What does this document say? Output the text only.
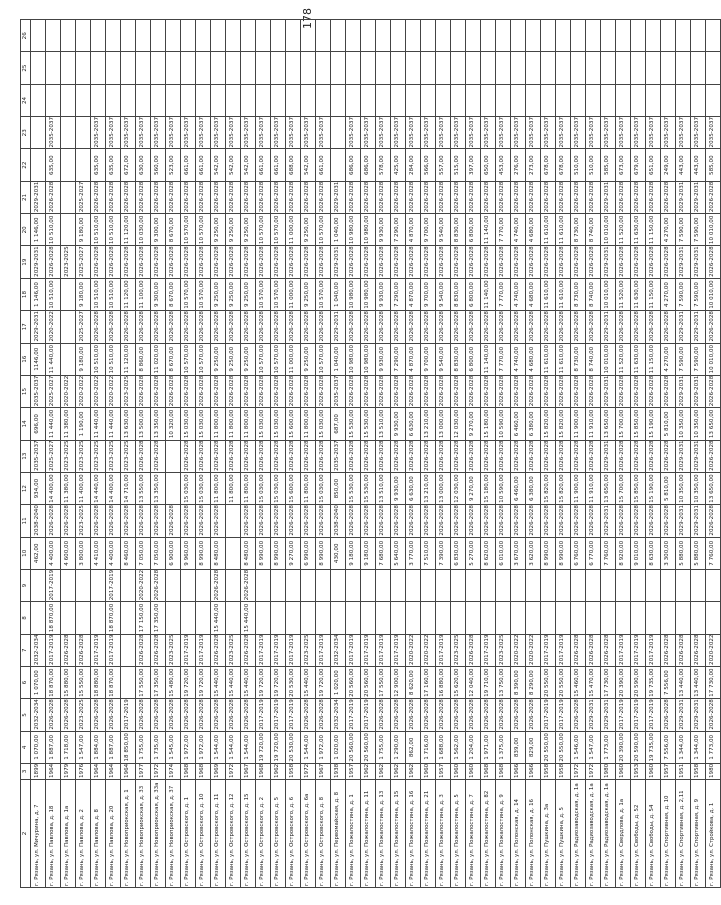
178
2	3	4	5	6	7	8	9	10	11	12	13	14	15	16	17	18	19	20	21	22	23	24	25	26
г. Рязань, ул. Мичурина, д. 7	1899	1 070,00	2032-2034	1 070,00	2032-2034			462,00	2038-2040	934,00	2035-2037	696,00	2035-2037	1146,00	2029-2031	1 146,00	2029-2031	1 146,00	2029-2031					
г. Рязань, ул. Павлова, д. 18	1964	1 887,00	2026-2028	18 870,00	2017-2019	18 870,00	2017-2019	4 400,00	2026-2028	14 400,00	2025-2027	11 440,00	2025-2027	11 440,00	2020-2022	10 510,00	2026-2028	10 510,00	2026-2028	635,00	2035-2037			
г. Рязань, ул. Павлова, д. 1а	1979	1 718,00	2026-2028	15 880,00	2026-2028			4 600,00	2026-2028	11 380,00	2023-2025	11 380,00	2020-2022				2023-2025							
г. Рязань, ул. Павлова, д. 2	1976	1 547,00	2023-2025	15 550,00	2026-2028			3 800,00	2023-2025	11 400,00	2023-2025	1 190,00	2020-2022	9 180,00	2025-2027	9 180,00	2025-2027	9 180,00	2025-2027					
г. Рязань, ул. Павлова, д. 8	1964	1 884,00	2026-2028	18 880,00	2017-2019			4 410,00	2026-2028	14 440,00	2023-2025	11 440,00	2020-2022	10 510,00	2026-2028	10 510,00	2026-2028	10 510,00	2026-2028	635,00	2035-2037			
г. Рязань, ул. Павлова, д. 20	1964	1 887,00	2026-2028	18 870,00	2017-2019	18 870,00	2017-2019	4 400,00	2026-2028	14 400,00	2023-2025	11 440,00	2020-2022	10 510,00	2026-2028	10 510,00	2026-2028	10 510,00	2026-2028	635,00	2035-2037			
г. Рязань, ул. Новоприокская, д. 1	1964	18 850,00	2017-2019					8 460,00	2026-2028	14 710,00	2023-2025	13 630,00	2023-2025	11 120,00	2026-2028	11 120,00	2026-2028	11 120,00	2026-2028	672,00	2035-2037			
г. Рязань, ул. Новоприокская, д. 33	1977	1 755,00	2026-2028	17 550,00	2026-2028	17 150,00	2020-2022	7 050,00	2026-2028	13 550,00	2026-2028	13 500,00	2026-2028	8 860,00	2026-2028	11 100,00	2026-2028	10 030,00	2026-2028	630,00	2035-2037			
г. Рязань, ул. Новоприокская, д. 33а	1972	1 735,00	2026-2028	17 350,00	2026-2028	17 350,00	2026-2028	7 050,00	2026-2028	13 350,00	2026-2028	13 350,00	2026-2028	11 020,00	2026-2028	9 300,00	2026-2028	9 300,00	2026-2028	560,00	2035-2037			
г. Рязань, ул. Новоприокская, д. 37	1974	1 545,00	2026-2028	15 480,00	2023-2025			6 900,00	2026-2028			10 320,00	2026-2028	8 670,00	2026-2028	8 670,00	2026-2028	8 670,00	2026-2028	523,00	2035-2037			
г. Рязань, ул. Островского, д. 1	1968	1 972,00	2026-2028	19 720,00	2017-2019			9 960,00	2026-2028	15 030,00	2026-2028	15 030,00	2026-2028	10 570,00	2026-2028	10 570,00	2026-2028	10 570,00	2026-2028	661,00	2035-2037			
г. Рязань, ул. Островского, д. 10	1968	1 972,00	2026-2028	19 720,00	2017-2019			8 990,00	2026-2028	15 030,00	2026-2028	15 030,00	2026-2028	10 570,00	2026-2028	10 570,00	2026-2028	10 570,00	2026-2028	661,00	2035-2037			
г. Рязань, ул. Островского, д. 11	1969	1 544,00	2026-2028	15 440,00	2026-2028	15 440,00	2026-2028	8 480,00	2026-2028	11 800,00	2026-2028	11 800,00	2026-2028	9 250,00	2026-2028	9 250,00	2026-2028	9 250,00	2026-2028	542,00	2035-2037			
г. Рязань, ул. Островского, д. 12	1972	1 544,00	2026-2028	15 440,00	2023-2025					11 800,00	2026-2028	11 800,00	2026-2028	9 250,00	2026-2028	9 250,00	2026-2028	9 250,00	2026-2028	542,00	2035-2037			
г. Рязань, ул. Островского, д. 15	1967	1 544,00	2026-2028	15 440,00	2026-2028	15 440,00	2026-2028	8 480,00	2026-2028	11 800,00	2026-2028	11 800,00	2026-2028	9 250,00	2026-2028	9 250,00	2026-2028	9 250,00	2026-2028	542,00	2035-2037			
г. Рязань, ул. Островского, д. 2	1968	19 720,00	2017-2019	19 720,00	2017-2019			8 990,00	2026-2028	15 030,00	2026-2028	15 030,00	2026-2028	10 570,00	2026-2028	10 570,00	2026-2028	10 570,00	2026-2028	661,00	2035-2037			
г. Рязань, ул. Островского, д. 5	1962	19 720,00	2017-2019	19 720,00	2017-2019			8 990,00	2026-2028	15 030,00	2026-2028	15 030,00	2026-2028	10 570,00	2026-2028	10 570,00	2026-2028	10 570,00	2026-2028	661,00	2035-2037			
г. Рязань, ул. Островского, д. 6	1958	20 530,00	2017-2019	20 530,00	2017-2019			9 270,00	2026-2028	15 600,00	2026-2028	15 600,00	2026-2028	11 000,00	2026-2028	11 000,00	2026-2028	11 000,00	2026-2028	688,00	2035-2037			
г. Рязань, ул. Островского, д. 6а	1972	1 544,00	2026-2028	15 440,00	2023-2025			6 990,00	2026-2028	11 800,00	2026-2028	11 800,00	2026-2028	9 250,00	2026-2028	9 250,00	2026-2028	9 250,00	2026-2028	542,00	2035-2037			
г. Рязань, ул. Островского, д. 8	1967	1 972,00	2026-2028	19 720,00	2017-2019			8 990,00	2026-2028	15 030,00	2026-2028	15 030,00	2026-2028	10 570,00	2026-2028	10 570,00	2026-2028	10 570,00	2026-2028	661,00	2035-2037			
г. Рязань, ул. Первомайская, д. 8	1938	1 020,00	2032-2034	1 020,00	2032-2034			430,00	2038-2040	850,00	2035-2037	687,00	2035-2037	1 040,00	2029-2031	1 040,00	2029-2031	1 040,00	2029-2031					
г. Рязань, ул. Пожалостина, д. 1	1957	20 560,00	2017-2019	20 560,00	2017-2019			9 180,00	2026-2028	15 530,00	2026-2028	15 530,00	2026-2028	10 980,00	2026-2028	10 980,00	2026-2028	10 980,00	2026-2028	686,00	2035-2037			
г. Рязань, ул. Пожалостина, д. 11	1962	20 560,00	2017-2019	20 560,00	2017-2019			9 180,00	2026-2028	15 530,00	2026-2028	15 530,00	2026-2028	10 980,00	2026-2028	10 980,00	2026-2028	10 980,00	2026-2028	686,00	2035-2037			
г. Рязань, ул. Пожалостина, д. 13	1962	1 755,00	2026-2028	17 550,00	2017-2019			7 680,00	2026-2028	13 510,00	2026-2028	13 510,00	2026-2028	9 930,00	2026-2028	9 930,00	2026-2028	9 930,00	2026-2028	578,00	2035-2037			
г. Рязань, ул. Пожалостина, д. 15	1962	1 290,00	2026-2028	12 900,00	2017-2019			5 640,00	2026-2028	9 930,00	2026-2028	9 930,00	2026-2028	7 290,00	2026-2028	7 290,00	2026-2028	7 290,00	2026-2028	425,00	2035-2037			
г. Рязань, ул. Пожалостина, д. 16	1962	862,00	2026-2028	8 620,00	2020-2022			3 770,00	2026-2028	6 630,00	2026-2028	6 630,00	2026-2028	4 870,00	2026-2028	4 870,00	2026-2028	4 870,00	2026-2028	284,00	2035-2037			
г. Рязань, ул. Пожалостина, д. 21	1960	1 716,00	2026-2028	17 160,00	2020-2022			7 510,00	2026-2028	13 210,00	2026-2028	13 210,00	2026-2028	9 700,00	2026-2028	9 700,00	2026-2028	9 700,00	2026-2028	566,00	2035-2037			
г. Рязань, ул. Пожалостина, д. 3	1957	1 688,00	2026-2028	16 880,00	2017-2019			7 390,00	2026-2028	13 000,00	2026-2028	13 000,00	2026-2028	9 540,00	2026-2028	9 540,00	2026-2028	9 540,00	2026-2028	557,00	2035-2037			
г. Рязань, ул. Пожалостина, д. 5	1960	1 562,00	2026-2028	15 620,00	2023-2025			6 830,00	2026-2028	12 030,00	2026-2028	12 030,00	2026-2028	8 830,00	2026-2028	8 830,00	2026-2028	8 830,00	2026-2028	515,00	2035-2037			
г. Рязань, ул. Пожалостина, д. 7	1960	1 204,00	2026-2028	12 040,00	2026-2028			5 270,00	2026-2028	9 270,00	2026-2028	9 270,00	2026-2028	6 800,00	2026-2028	6 800,00	2026-2028	6 800,00	2026-2028	397,00	2035-2037			
г. Рязань, ул. Пожалостина, д. 82	1968	1 971,00	2026-2028	19 710,00	2017-2019			8 620,00	2026-2028	15 180,00	2026-2028	15 180,00	2026-2028	11 140,00	2026-2028	11 140,00	2026-2028	11 140,00	2026-2028	650,00	2035-2037			
г. Рязань, ул. Пожалостина, д. 9	1968	1 375,00	2026-2028	13 750,00	2023-2025			6 010,00	2026-2028	10 590,00	2026-2028	10 590,00	2026-2028	7 770,00	2026-2028	7 770,00	2026-2028	7 770,00	2026-2028	453,00	2035-2037			
г. Рязань, ул. Полонская, д. 14	1966	839,00	2026-2028	8 390,00	2020-2022			3 670,00	2026-2028	6 460,00	2026-2028	6 460,00	2026-2028	4 740,00	2026-2028	4 740,00	2026-2028	4 740,00	2026-2028	276,00	2035-2037			
г. Рязань, ул. Полонская, д. 16	1966	829,00	2026-2028	8 290,00	2020-2022			3 620,00	2026-2028	6 380,00	2026-2028	6 380,00	2026-2028	4 680,00	2026-2028	4 680,00	2026-2028	4 680,00	2026-2028	273,00	2035-2037			
г. Рязань, ул. Пушкина, д. 3а	1958	20 550,00	2017-2019	20 550,00	2017-2019			8 990,00	2026-2028	15 820,00	2026-2028	15 820,00	2026-2028	11 610,00	2026-2028	11 610,00	2026-2028	11 610,00	2026-2028	678,00	2035-2037			
г. Рязань, ул. Пушкина, д. 5	1958	20 550,00	2017-2019	20 550,00	2017-2019			8 990,00	2026-2028	15 820,00	2026-2028	15 820,00	2026-2028	11 610,00	2026-2028	11 610,00	2026-2028	11 610,00	2026-2028	678,00	2035-2037			
г. Рязань, ул. Радиозаводская, д. 1а	1972	1 546,00	2026-2028	15 460,00	2026-2028			6 760,00	2026-2028	11 900,00	2026-2028	11 900,00	2026-2028	8 730,00	2026-2028	8 730,00	2026-2028	8 730,00	2026-2028	510,00	2035-2037			
г. Рязань, ул. Радиозаводская, д. 1а	1972	1 547,00	2029-2031	15 470,00	2026-2028			6 770,00	2026-2028	11 910,00	2026-2028	11 910,00	2026-2028	8 740,00	2026-2028	8 740,00	2026-2028	8 740,00	2026-2028	510,00	2035-2037			
г. Рязань, ул. Радиозаводская, д. 1а	1980	1 773,00	2029-2031	17 730,00	2026-2028			7 760,00	2029-2031	13 650,00	2029-2031	13 650,00	2029-2031	10 010,00	2029-2031	10 010,00	2029-2031	10 010,00	2029-2031	585,00	2035-2037			
г. Рязань, ул. Свердлова, д. 1а	1960	20 390,00	2017-2019	20 390,00	2017-2019			8 920,00	2026-2028	15 700,00	2026-2028	15 700,00	2026-2028	11 520,00	2026-2028	11 520,00	2026-2028	11 520,00	2026-2028	673,00	2035-2037			
г. Рязань, ул. Свободы, д. 52	1953	20 590,00	2017-2019	20 590,00	2017-2019			9 010,00	2026-2028	15 850,00	2026-2028	15 850,00	2026-2028	11 630,00	2026-2028	11 630,00	2026-2028	11 630,00	2026-2028	679,00	2035-2037			
г. Рязань, ул. Свободы, д. 54	1960	19 735,00	2017-2019	19 735,00	2017-2019			8 630,00	2026-2028	15 190,00	2026-2028	15 190,00	2026-2028	11 150,00	2026-2028	11 150,00	2026-2028	11 150,00	2026-2028	651,00	2035-2037			
г. Рязань, ул. Спортивная, д. 10	1957	7 556,00	2026-2028	7 556,00	2026-2028			3 300,00	2026-2028	5 810,00	2026-2028	5 810,00	2026-2028	4 270,00	2026-2028	4 270,00	2026-2028	4 270,00	2026-2028	249,00	2035-2037			
г. Рязань, ул. Спортивная, д. 2,11	1951	1 344,00	2029-2031	13 440,00	2026-2028			5 880,00	2029-2031	10 350,00	2029-2031	10 350,00	2029-2031	7 590,00	2029-2031	7 590,00	2029-2031	7 590,00	2029-2031	443,00	2035-2037			
г. Рязань, ул. Спортивная, д. 9	1958	1 344,00	2029-2031	13 440,00	2026-2028			5 880,00	2029-2031	10 350,00	2029-2031	10 350,00	2029-2031	7 590,00	2029-2031	7 590,00	2029-2031	7 590,00	2029-2031	443,00	2035-2037			
г. Рязань, ул. Стройкова, д. 1	1980	1 773,00	2026-2028	17 730,00	2020-2022			7 760,00	2026-2028	13 650,00	2026-2028	13 650,00	2026-2028	10 010,00	2026-2028	10 010,00	2026-2028	10 010,00	2026-2028	585,00	2035-2037			
